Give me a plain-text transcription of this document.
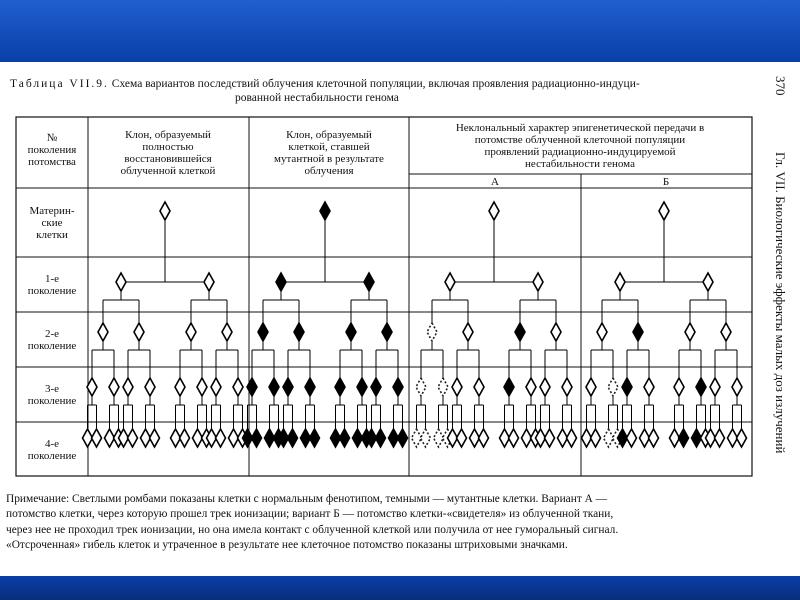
Таблица VII.9. Схема вариантов последствий облучения клеточной популяции, включая проявления радиационно-индуци-
рованной нестабильности генома
370
Гл. VII. Биологические эффекты малых доз излучений
№
поколения
потомства
Клон, образуемый
полностью
восстановившейся
облученной клеткой
Клон, образуемый
клеткой, ставшей
мутантной в результате
облучения
Неклональный характер эпигенетической передачи в
потомстве облученной клеточной популяции
проявлений радиационно-индуцируемой
нестабильности генома
А	Б
Материн-
ские
клетки
1-е
поколение
2-е
поколение
3-е
поколение
4-е
поколение
Примечание: Светлыми ромбами показаны клетки с нормальным фенотипом, темными — мутантные клетки. Вариант А —
потомство клетки, через которую прошел трек ионизации; вариант Б — потомство клетки-«свидетеля» из облученной ткани,
через нее не проходил трек ионизации, но она имела контакт с облученной клеткой или получила от нее гуморальный сигнал.
«Отсроченная» гибель клеток и утраченное в результате нее клеточное потомство показаны штриховыми значками.
